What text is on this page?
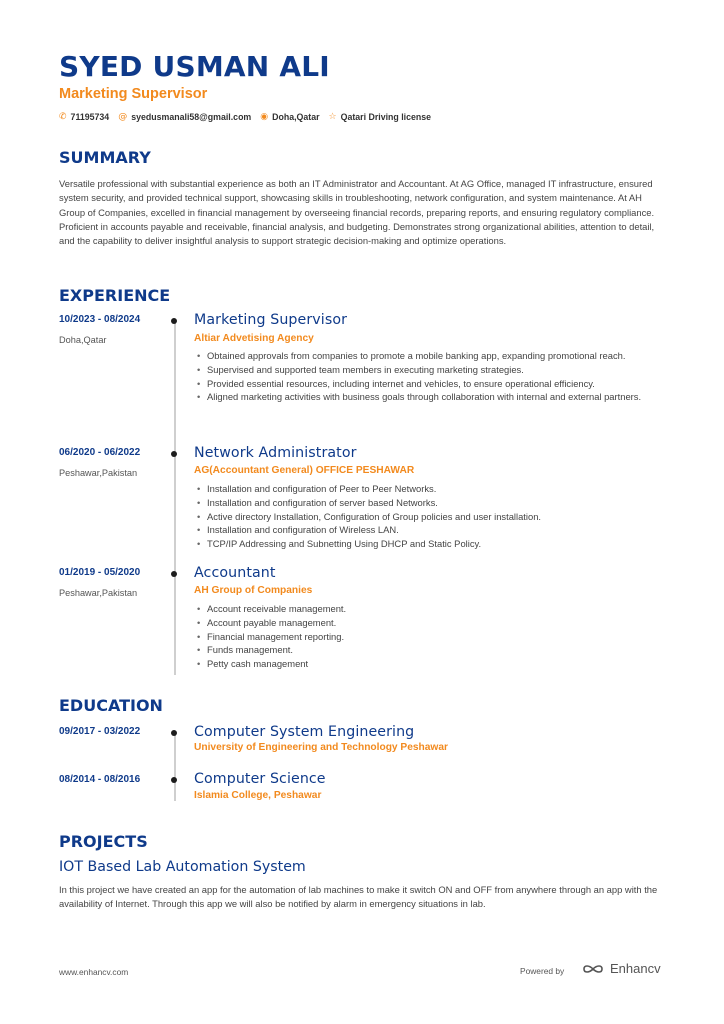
SYED USMAN ALI
Marketing Supervisor
✆ 71195734 @ syedusmanali58@gmail.com ◉ Doha,Qatar ☆ Qatari Driving license
SUMMARY

Versatile professional with substantial experience as both an IT Administrator and Accountant. At AG Office, managed IT infrastructure, ensured system security, and provided technical support, showcasing skills in troubleshooting, network configuration, and system maintenance. At AH Group of Companies, excelled in financial management by overseeing financial records, preparing reports, and ensuring regulatory compliance. Proficient in accounts payable and receivable, financial analysis, and budgeting. Demonstrates strong organizational abilities, attention to detail, and the capability to deliver insightful analysis to support strategic decision-making and optimize operations.

EXPERIENCE
10/2023 - 08/2024
Doha,Qatar
Marketing Supervisor
Altiar Advetising Agency
• Obtained approvals from companies to promote a mobile banking app, expanding promotional reach.
• Supervised and supported team members in executing marketing strategies.
• Provided essential resources, including internet and vehicles, to ensure operational efficiency.
• Aligned marketing activities with business goals through collaboration with internal and external partners.
06/2020 - 06/2022
Peshawar,Pakistan
Network Administrator
AG(Accountant General) OFFICE PESHAWAR
• Installation and configuration of Peer to Peer Networks.
• Installation and configuration of server based Networks.
• Active directory Installation, Configuration of Group policies and user installation.
• Installation and configuration of Wireless LAN.
• TCP/IP Addressing and Subnetting Using DHCP and Static Policy.
01/2019 - 05/2020
Peshawar,Pakistan
Accountant
AH Group of Companies
• Account receivable management.
• Account payable management.
• Financial management reporting.
• Funds management.
• Petty cash management
EDUCATION
09/2017 - 03/2022	Computer System Engineering
University of Engineering and Technology Peshawar
08/2014 - 08/2016	Computer Science
Islamia College, Peshawar
PROJECTS
IOT Based Lab Automation System

In this project we have created an app for the automation of lab machines to make it switch ON and OFF from anywhere through an app with the availability of Internet. Through this app we will also be notified by alarm in emergency situations in lab.

www.enhancv.com	Powered by	Enhancv
